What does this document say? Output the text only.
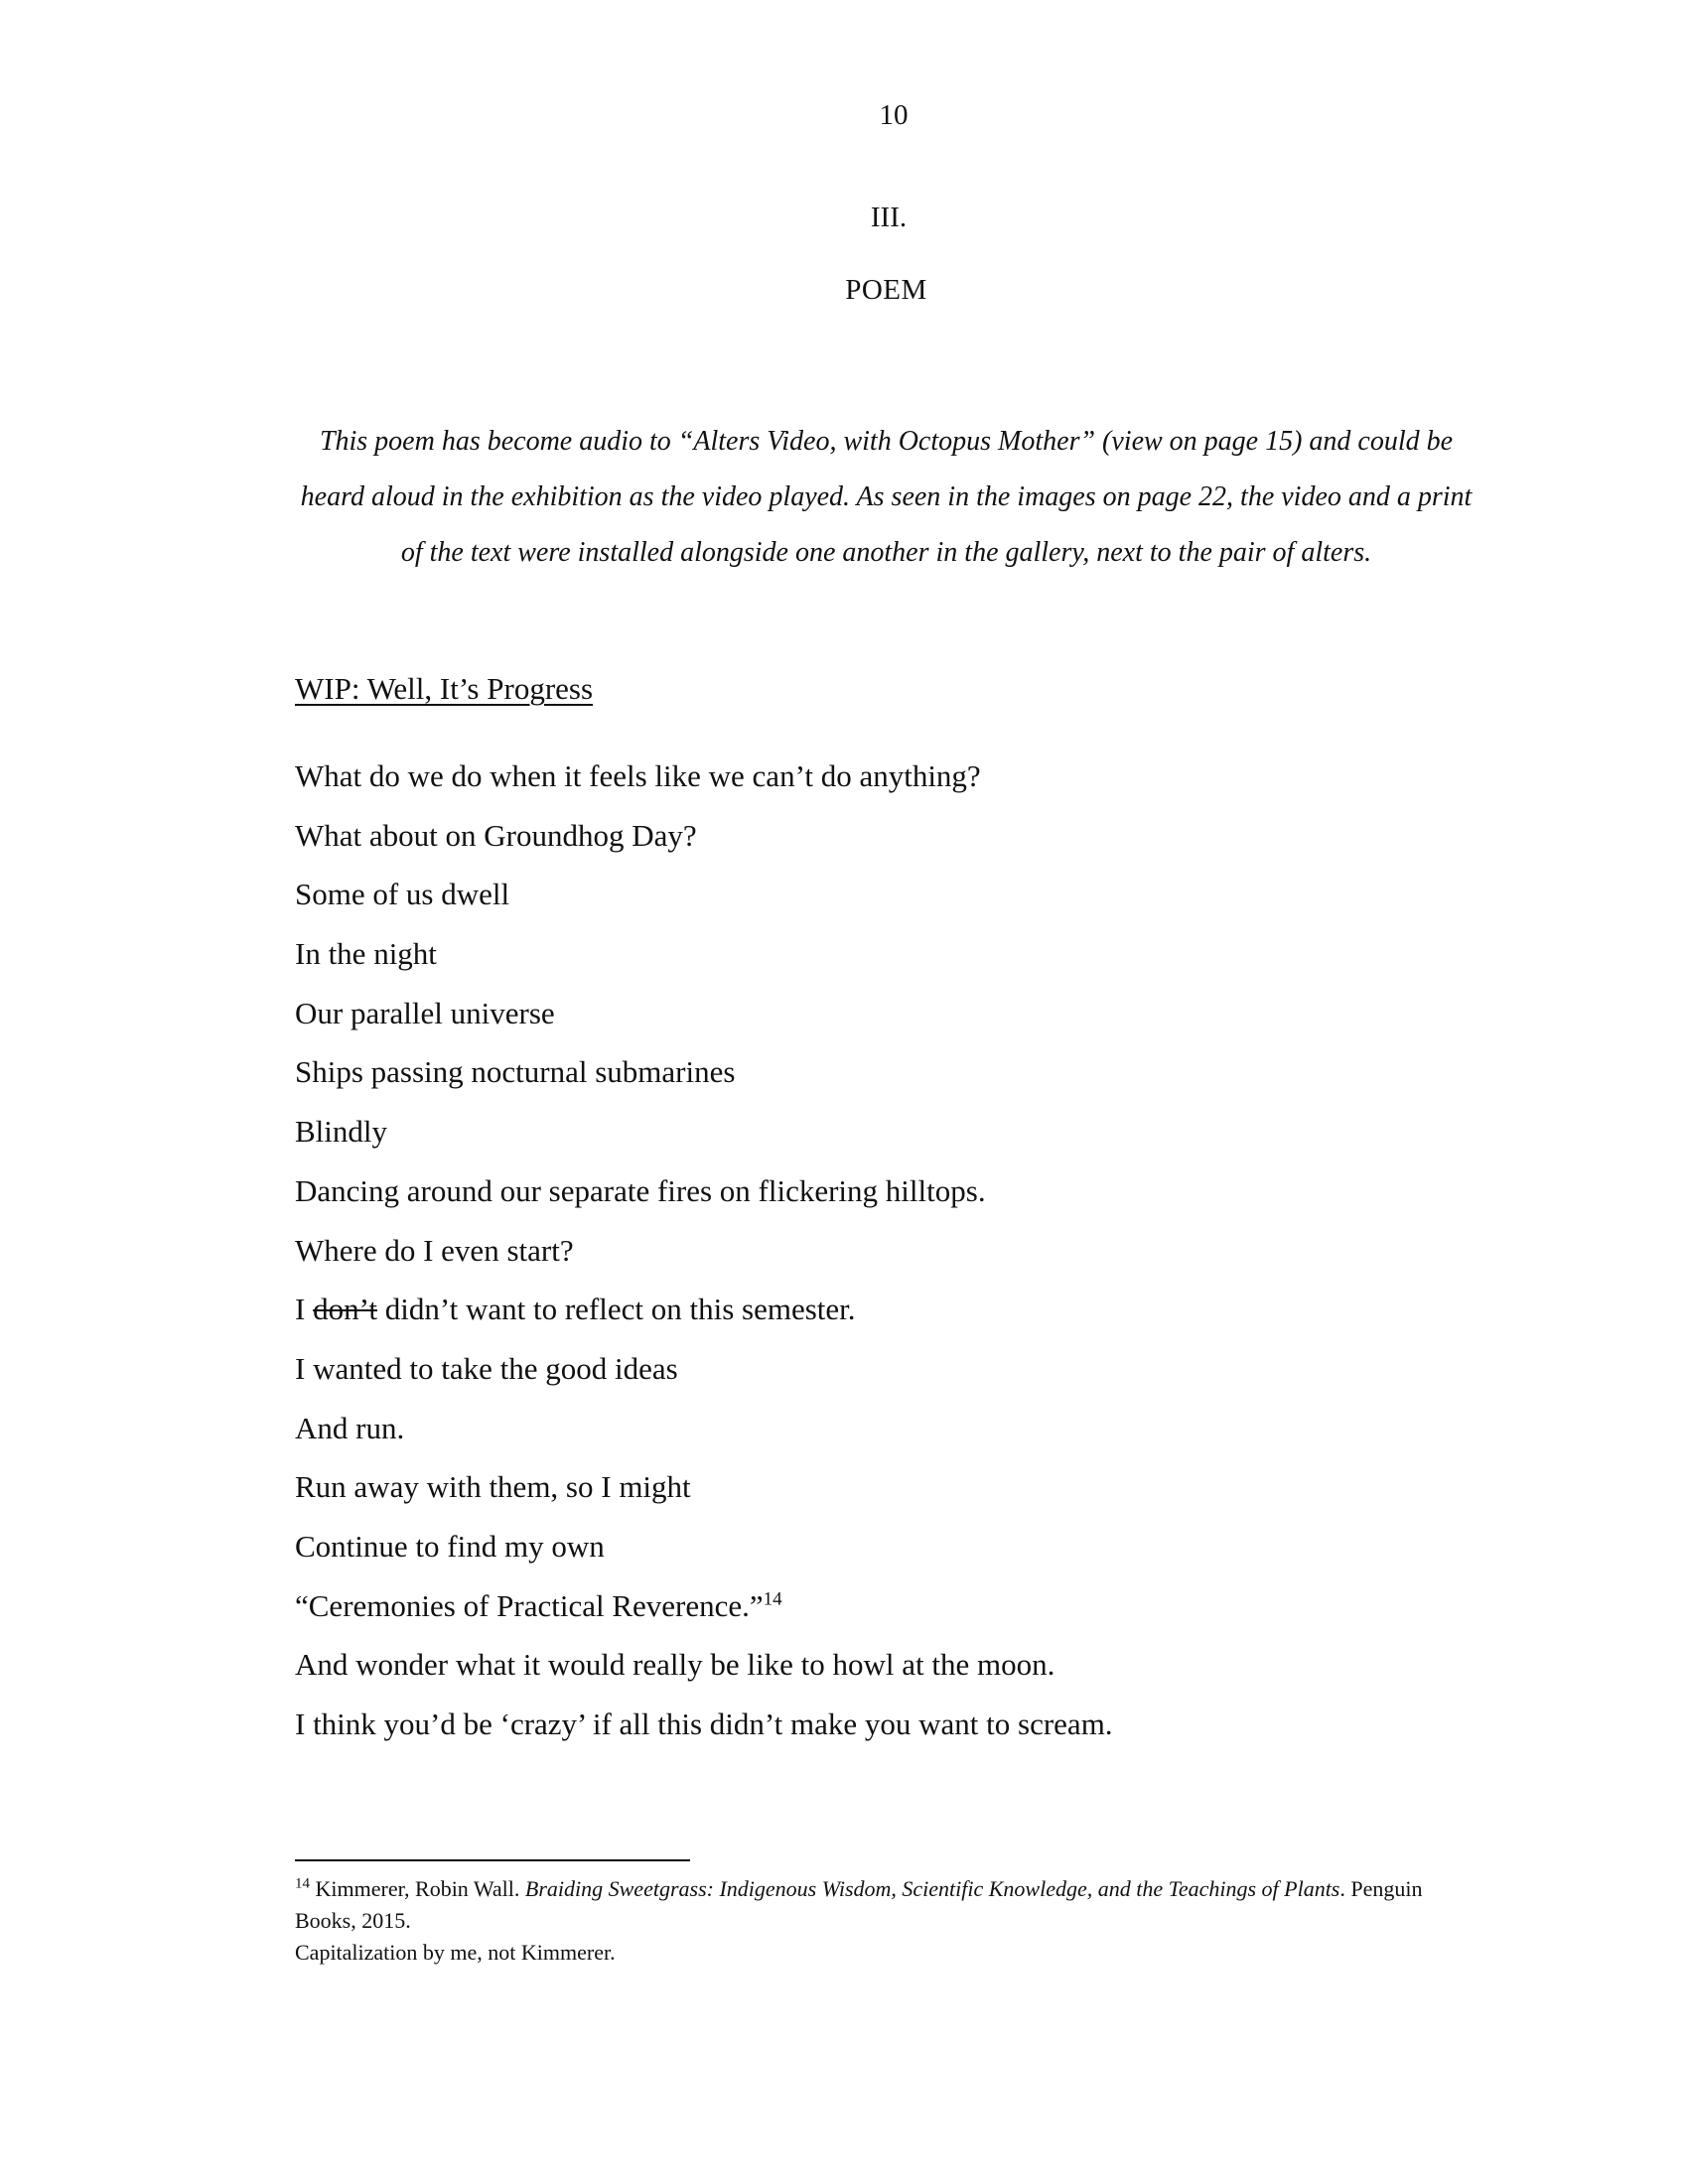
10
III.
POEM

This poem has become audio to “Alters Video, with Octopus Mother” (view on page 15) and could be heard aloud in the exhibition as the video played. As seen in the images on page 22, the video and a print of the text were installed alongside one another in the gallery, next to the pair of alters.

WIP: Well, It’s Progress
What do we do when it feels like we can’t do anything?
What about on Groundhog Day?
Some of us dwell
In the night
Our parallel universe
Ships passing nocturnal submarines
Blindly
Dancing around our separate fires on flickering hilltops.
Where do I even start?
I don’t didn’t want to reflect on this semester.
I wanted to take the good ideas
And run.
Run away with them, so I might
Continue to find my own
“Ceremonies of Practical Reverence.”$^{14}$
And wonder what it would really be like to howl at the moon.
I think you’d be ‘crazy’ if all this didn’t make you want to scream.

$^{14}$ Kimmerer, Robin Wall. Braiding Sweetgrass: Indigenous Wisdom, Scientific Knowledge, and the Teachings of Plants. Penguin Books, 2015.

Capitalization by me, not Kimmerer.
